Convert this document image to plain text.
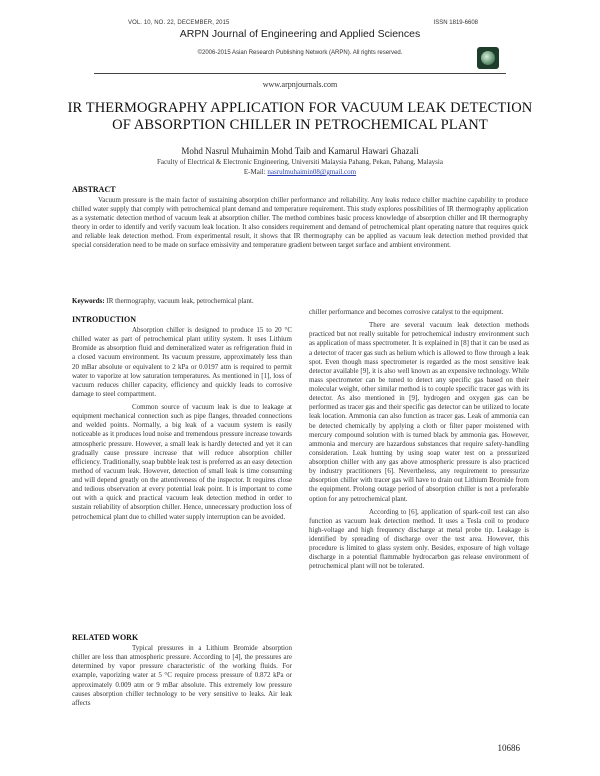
VOL. 10, NO. 22, DECEMBER, 2015	ISSN 1819-6608
ARPN Journal of Engineering and Applied Sciences
©2006-2015 Asian Research Publishing Network (ARPN). All rights reserved.
www.arpnjournals.com
IR THERMOGRAPHY APPLICATION FOR VACUUM LEAK DETECTION
OF ABSORPTION CHILLER IN PETROCHEMICAL PLANT
Mohd Nasrul Muhaimin Mohd Taib and Kamarul Hawari Ghazali
Faculty of Electrical & Electronic Engineering, Universiti Malaysia Pahang, Pekan, Pahang, Malaysia
E-Mail: nasrulmuhaimin08@gmail.com
ABSTRACT
Vacuum pressure is the main factor of sustaining absorption chiller performance and reliability. Any leaks reduce chiller machine capability to produce chilled water supply that comply with petrochemical plant demand and temperature requirement. This study explores possibilities of IR thermography application as a systematic detection method of vacuum leak at absorption chiller. The method combines basic process knowledge of absorption chiller and IR thermography theory in order to identify and verify vacuum leak location. It also considers requirement and demand of petrochemical plant operating nature that requires quick and reliable leak detection method. From experimental result, it shows that IR thermography can be applied as vacuum leak detection method provided that special consideration need to be made on surface emissivity and temperature gradient between target surface and ambient environment.
Keywords: IR thermography, vacuum leak, petrochemical plant.
INTRODUCTION

Absorption chiller is designed to produce 15 to 20 °C chilled water as part of petrochemical plant utility system. It uses Lithium Bromide as absorption fluid and demineralized water as refrigeration fluid in a closed vacuum environment. Its vacuum pressure, approximately less than 20 mBar absolute or equivalent to 2 kPa or 0.0197 atm is required to permit water to vaporize at low saturation temperatures. As mentioned in [1], loss of vacuum reduces chiller capacity, efficiency and quickly leads to corrosive damage to steel compartment.

Common source of vacuum leak is due to leakage at equipment mechanical connection such as pipe flanges, threaded connections and welded points. Normally, a big leak of a vacuum system is easily noticeable as it produces loud noise and tremendous pressure increase towards atmospheric pressure. However, a small leak is hardly detected and yet it can gradually cause pressure increase that will reduce absorption chiller efficiency. Traditionally, soap bubble leak test is preferred as an easy detection method of vacuum leak. However, detection of small leak is time consuming and will depend greatly on the attentiveness of the inspector. It requires close and tedious observation at every potential leak point. It is important to come out with a quick and practical vacuum leak detection method in order to sustain reliability of absorption chiller. Hence, unnecessary production loss of petrochemical plant due to chilled water supply interruption can be avoided.

RELATED WORK

Typical pressures in a Lithium Bromide absorption chiller are less than atmospheric pressure. According to [4], the pressures are determined by vapor pressure characteristic of the working fluids. For example, vaporizing water at 5 °C require process pressure of 0.872 kPa or approximately 0.009 atm or 9 mBar absolute. This extremely low pressure causes absorption chiller technology to be very sensitive to leaks. Air leak affects

chiller performance and becomes corrosive catalyst to the equipment.

There are several vacuum leak detection methods practiced but not really suitable for petrochemical industry environment such as application of mass spectrometer. It is explained in [8] that it can be used as a detector of tracer gas such as helium which is allowed to flow through a leak spot. Even though mass spectrometer is regarded as the most sensitive leak detector available [9], it is also well known as an expensive technology. While mass spectrometer can be tuned to detect any specific gas based on their molecular weight, other similar method is to couple specific tracer gas with its detector. As also mentioned in [9], hydrogen and oxygen gas can be performed as tracer gas and their specific gas detector can be utilized to locate leak location. Ammonia can also function as tracer gas. Leak of ammonia can be detected chemically by applying a cloth or filter paper moistened with mercury compound solution with is turned black by ammonia gas. However, ammonia and mercury are hazardous substances that require safety-handling consideration. Leak hunting by using soap water test on a pressurized absorption chiller with any gas above atmospheric pressure is also practiced by industry practitioners [6]. Nevertheless, any requirement to pressurize absorption chiller with tracer gas will have to drain out Lithium Bromide from the equipment. Prolong outage period of absorption chiller is not a preferable option for any petrochemical plant.

According to [6], application of spark-coil test can also function as vacuum leak detection method. It uses a Tesla coil to produce high-voltage and high frequency discharge at metal probe tip. Leakage is identified by spreading of discharge over the test area. However, this procedure is limited to glass system only. Besides, exposure of high voltage discharge in a potential flammable hydrocarbon gas release environment of petrochemical plant will not be tolerated.

10686
